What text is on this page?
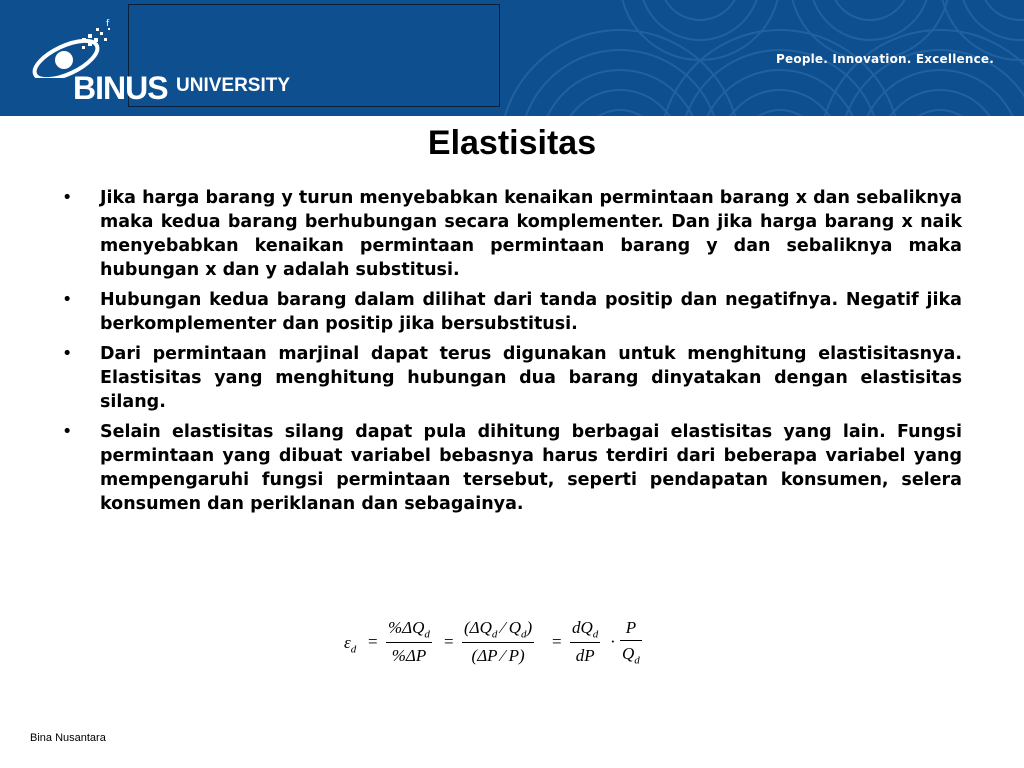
f
BINUS UNIVERSITY
People. Innovation. Excellence.
Elastisitas
• Jika harga barang y turun menyebabkan kenaikan permintaan barang x dan sebaliknya maka kedua barang berhubungan secara komplementer. Dan jika harga barang x naik menyebabkan kenaikan permintaan permintaan barang y dan sebaliknya maka hubungan x dan y adalah substitusi.
• Hubungan kedua barang dalam dilihat dari tanda positip dan negatifnya. Negatif jika berkomplementer dan positip jika bersubstitusi.
• Dari permintaan marjinal dapat terus digunakan untuk menghitung elastisitasnya. Elastisitas yang menghitung hubungan dua barang dinyatakan dengan elastisitas silang.
• Selain elastisitas silang dapat pula dihitung berbagai elastisitas yang lain. Fungsi permintaan yang dibuat variabel bebasnya harus terdiri dari beberapa variabel yang mempengaruhi fungsi permintaan tersebut, seperti pendapatan konsumen, selera konsumen dan periklanan dan sebagainya.
$\varepsilon_d$ =
$\%\Delta Q_d$
%ΔP
=
($\Delta Q_d$ ⁄ $Q_d$)
(ΔP ⁄ P)
=
$dQ_d$
dP
· $\frac{P}{Q_d}$
Bina Nusantara
